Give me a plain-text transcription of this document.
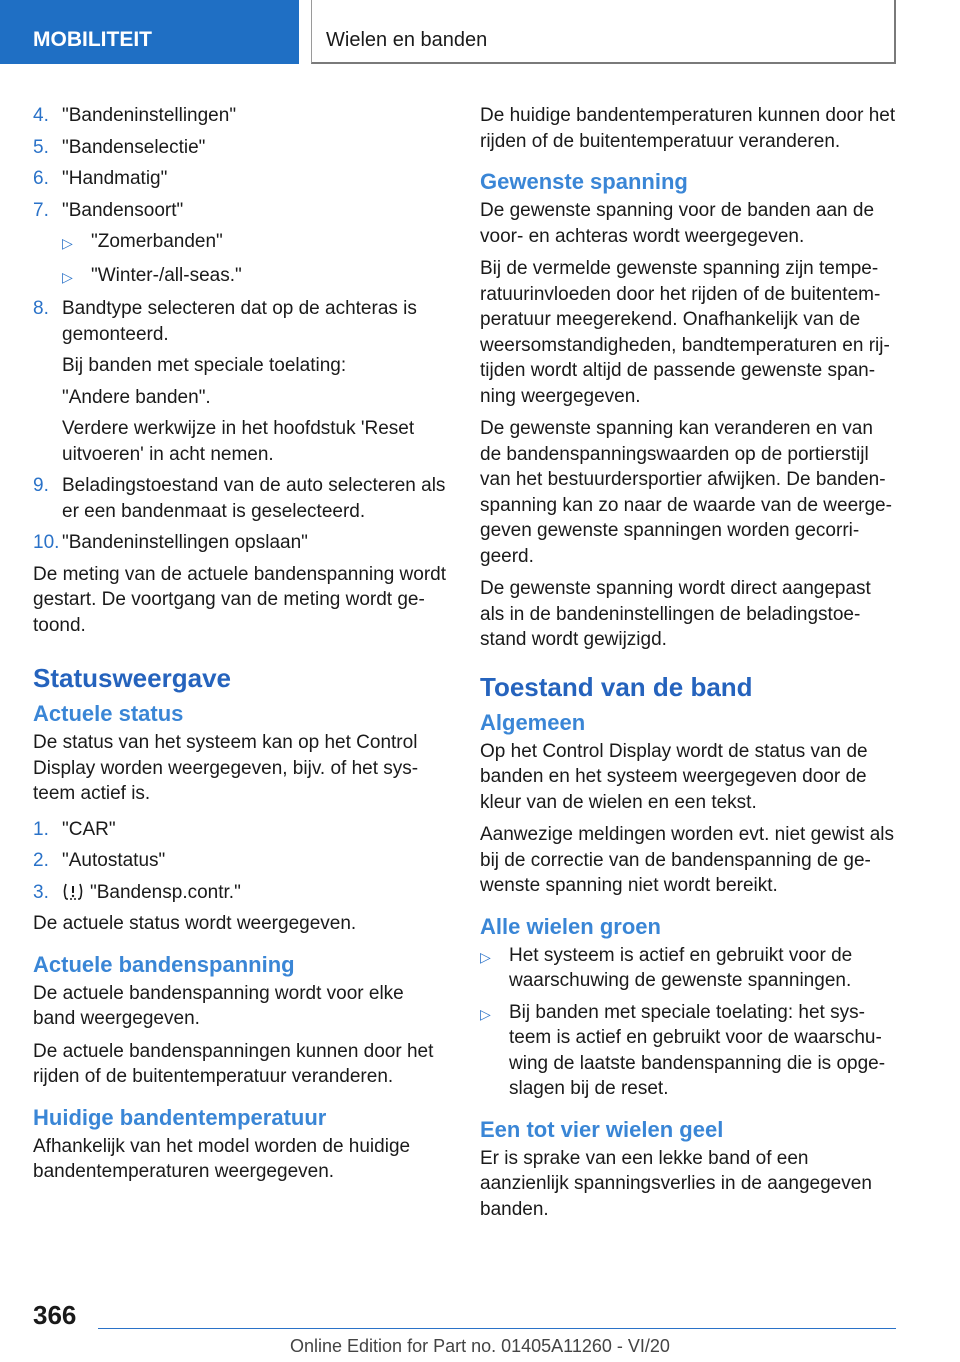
MOBILITEIT	Wielen en banden
4. "Bandeninstellingen"
5. "Bandenselectie"
6. "Handmatig"
7. "Bandensoort"
▷ "Zomerbanden"
▷ "Winter-/all-seas."
8. Bandtype selecteren dat op de achteras is gemonteerd.
Bij banden met speciale toelating:
"Andere banden".
Verdere werkwijze in het hoofdstuk 'Reset uitvoeren' in acht nemen.
9. Beladingstoestand van de auto selecteren als er een bandenmaat is geselecteerd.
10. "Bandeninstellingen opslaan"

De meting van de actuele bandenspanning wordt gestart. De voortgang van de meting wordt getoond.

Statusweergave
Actuele status

De status van het systeem kan op het Control Display worden weergegeven, bijv. of het systeem actief is.

1. "CAR"
2. "Autostatus"
3.	"Bandensp.contr."

De actuele status wordt weergegeven.

Actuele bandenspanning

De actuele bandenspanning wordt voor elke band weergegeven.

De actuele bandenspanningen kunnen door het rijden of de buitentemperatuur veranderen.

Huidige bandentemperatuur

Afhankelijk van het model worden de huidige bandentemperaturen weergegeven.

De huidige bandentemperaturen kunnen door het rijden of de buitentemperatuur veranderen.

Gewenste spanning

De gewenste spanning voor de banden aan de voor- en achteras wordt weergegeven.

Bij de vermelde gewenste spanning zijn temperatuurinvloeden door het rijden of de buitentemperatuur meegerekend. Onafhankelijk van de weersomstandigheden, bandtemperaturen en rijtijden wordt altijd de passende gewenste spanning weergegeven.

De gewenste spanning kan veranderen en van de bandenspanningswaarden op de portierstijl van het bestuurdersportier afwijken. De bandenspanning kan zo naar de waarde van de weergegeven gewenste spanningen worden gecorrigeerd.

De gewenste spanning wordt direct aangepast als in de bandeninstellingen de beladingstoestand wordt gewijzigd.

Toestand van de band
Algemeen

Op het Control Display wordt de status van de banden en het systeem weergegeven door de kleur van de wielen en een tekst.

Aanwezige meldingen worden evt. niet gewist als bij de correctie van de bandenspanning de gewenste spanning niet wordt bereikt.

Alle wielen groen
▷ Het systeem is actief en gebruikt voor de waarschuwing de gewenste spanningen.
▷ Bij banden met speciale toelating: het systeem is actief en gebruikt voor de waarschuwing de laatste bandenspanning die is opgeslagen bij de reset.
Een tot vier wielen geel

Er is sprake van een lekke band of een aanzienlijk spanningsverlies in de aangegeven banden.

366
Online Edition for Part no. 01405A11260 - VI/20
